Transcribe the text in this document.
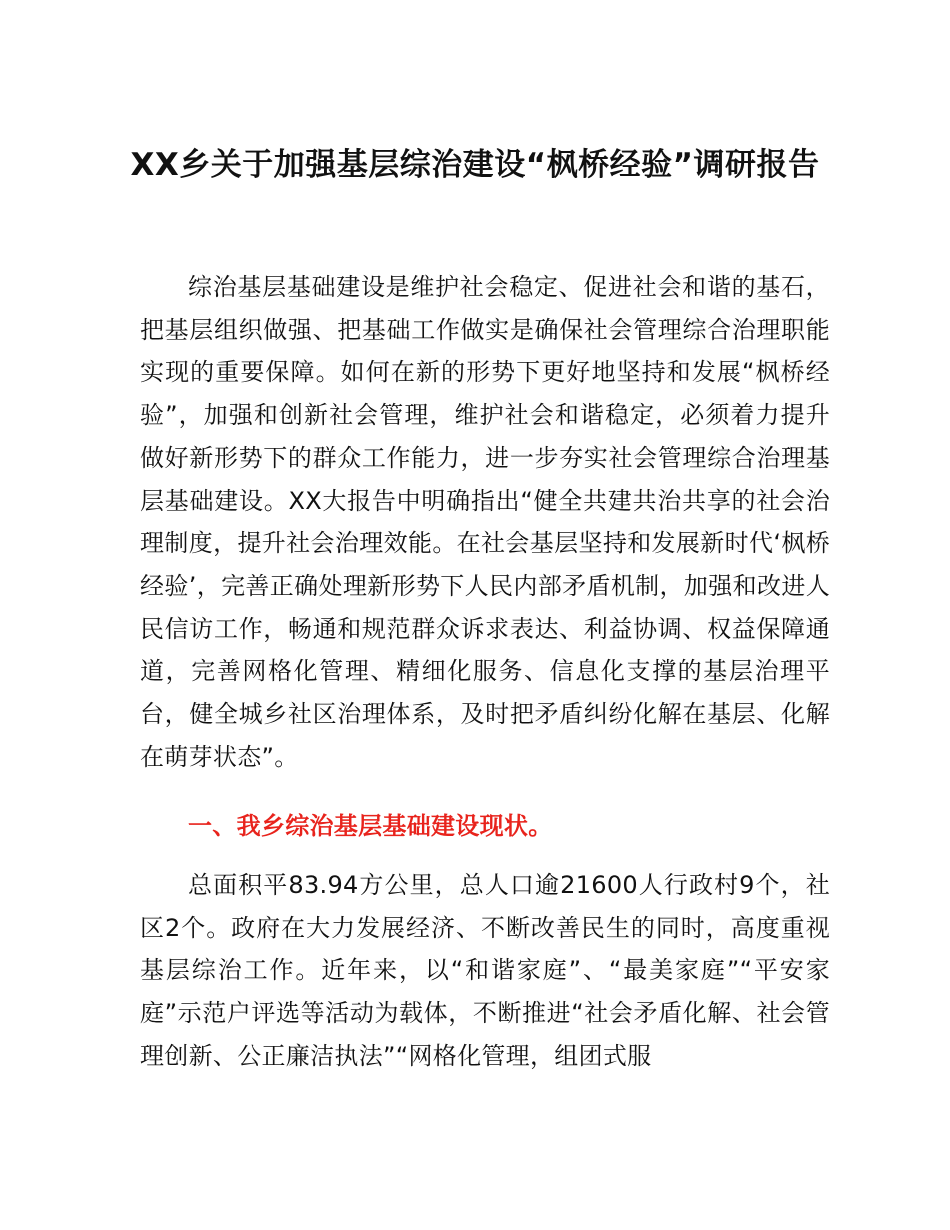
XX乡关于加强基层综治建设“枫桥经验”调研报告

综治基层基础建设是维护社会稳定、促进社会和谐的基石，把基层组织做强、把基础工作做实是确保社会管理综合治理职能实现的重要保障。如何在新的形势下更好地坚持和发展“枫桥经验”，加强和创新社会管理，维护社会和谐稳定，必须着力提升做好新形势下的群众工作能力，进一步夯实社会管理综合治理基层基础建设。XX大报告中明确指出“健全共建共治共享的社会治理制度，提升社会治理效能。在社会基层坚持和发展新时代‘枫桥经验’，完善正确处理新形势下人民内部矛盾机制，加强和改进人民信访工作，畅通和规范群众诉求表达、利益协调、权益保障通道，完善网格化管理、精细化服务、信息化支撑的基层治理平台，健全城乡社区治理体系，及时把矛盾纠纷化解在基层、化解在萌芽状态”。

一、我乡综治基层基础建设现状。

总面积平83.94方公里，总人口逾21600人行政村9个，社区2个。政府在大力发展经济、不断改善民生的同时，高度重视基层综治工作。近年来，以“和谐家庭”、“最美家庭”“平安家庭”示范户评选等活动为载体，不断推进“社会矛盾化解、社会管理创新、公正廉洁执法”“网格化管理，组团式服
